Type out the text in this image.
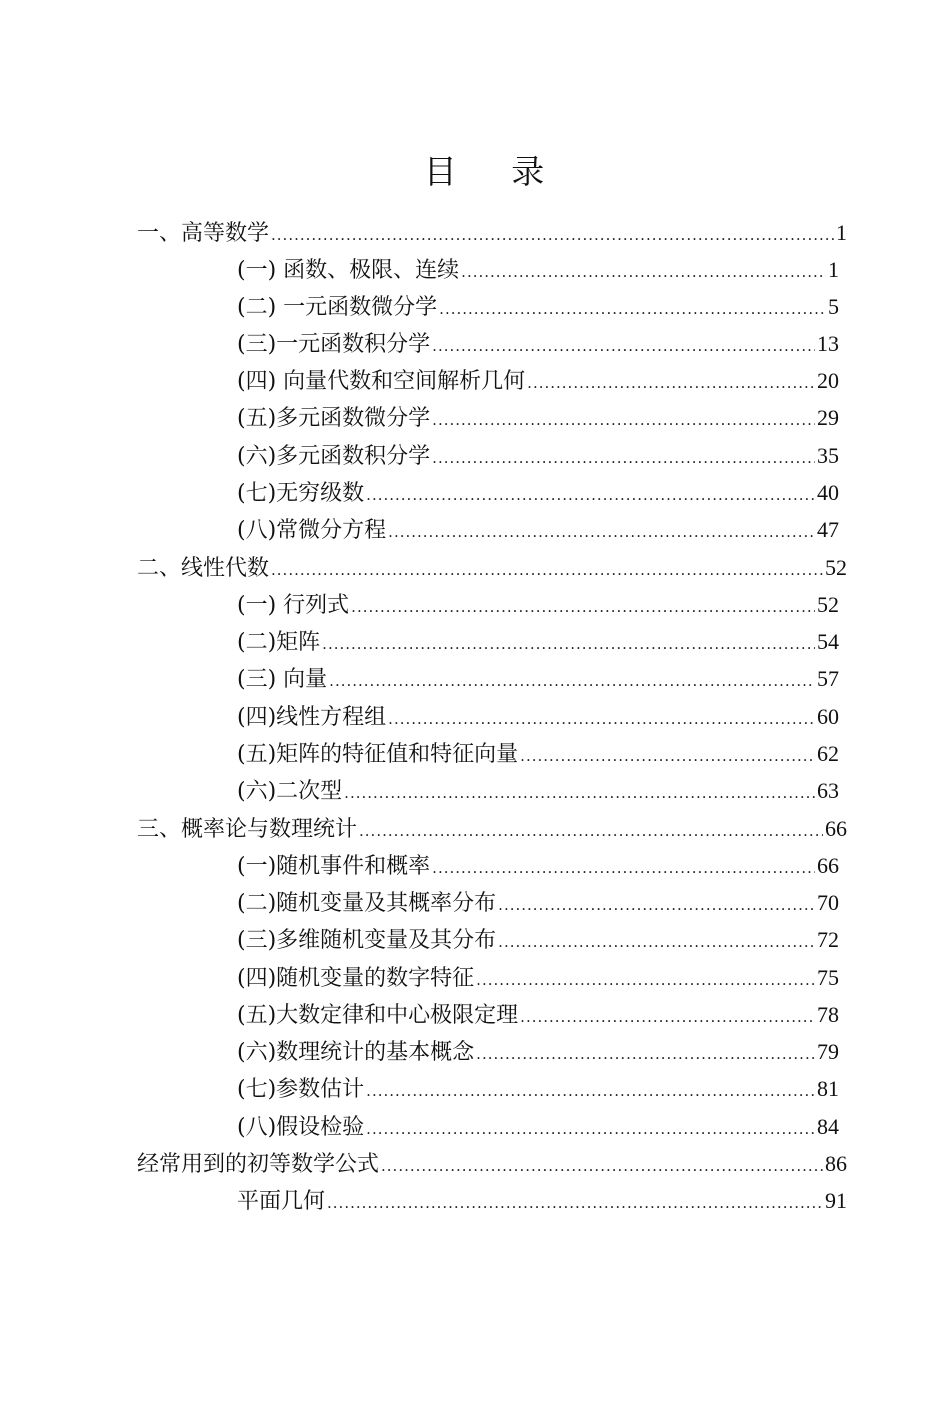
目 录
一、高等数学 .....	1
(一) 函数、极限、连续 .....	1
(二) 一元函数微分学 .....	5
(三)一元函数积分学 .....	13
(四) 向量代数和空间解析几何 .....	20
(五)多元函数微分学 .....	29
(六)多元函数积分学 .....	35
(七)无穷级数 .....	40
(八)常微分方程 .....	47
二、线性代数 .....	52
(一) 行列式 .....	52
(二)矩阵 .....	54
(三) 向量 .....	57
(四)线性方程组 .....	60
(五)矩阵的特征值和特征向量 .....	62
(六)二次型 .....	63
三、概率论与数理统计 .....	66
(一)随机事件和概率 .....	66
(二)随机变量及其概率分布 .....	70
(三)多维随机变量及其分布 .....	72
(四)随机变量的数字特征 .....	75
(五)大数定律和中心极限定理 .....	78
(六)数理统计的基本概念 .....	79
(七)参数估计 .....	81
(八)假设检验 .....	84
经常用到的初等数学公式 .....	86
平面几何 .....	91
